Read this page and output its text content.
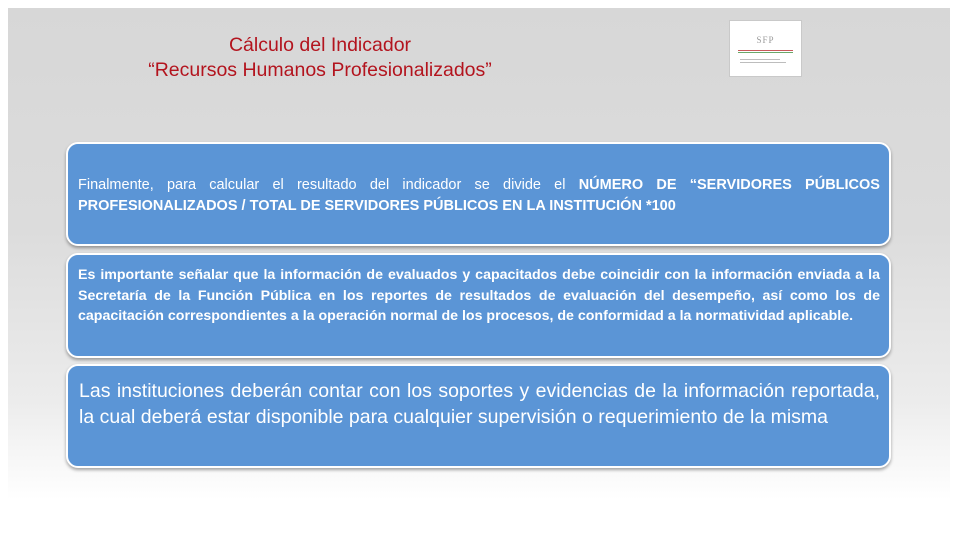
Cálculo del Indicador
“Recursos Humanos Profesionalizados”
SFP

Finalmente, para calcular el resultado del indicador se divide el NÚMERO DE “SERVIDORES PÚBLICOS PROFESIONALIZADOS / TOTAL DE SERVIDORES PÚBLICOS EN LA INSTITUCIÓN *100

Es importante señalar que la información de evaluados y capacitados debe coincidir con la información enviada a la Secretaría de la Función Pública en los reportes de resultados de evaluación del desempeño, así como los de capacitación correspondientes a la operación normal de los procesos, de conformidad a la normatividad aplicable.

Las instituciones deberán contar con los soportes y evidencias de la información reportada, la cual deberá estar disponible para cualquier supervisión o requerimiento de la misma
